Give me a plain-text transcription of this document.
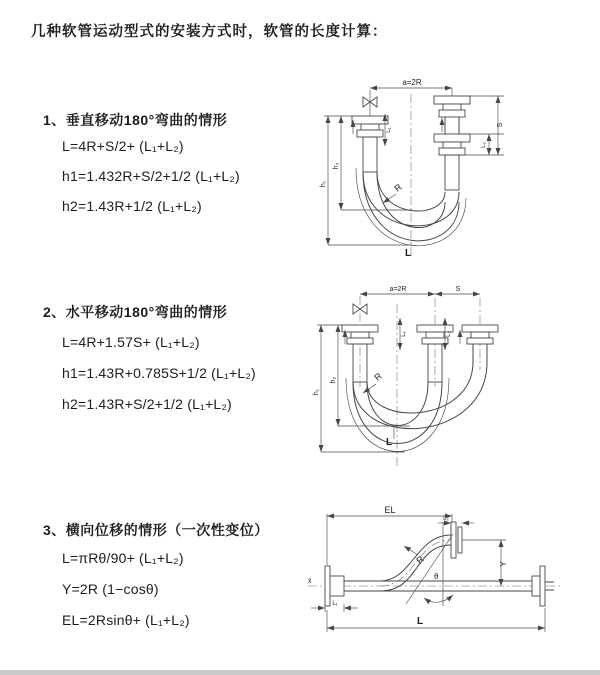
几种软管运动型式的安装方式时，软管的长度计算：
1、垂直移动180°弯曲的情形
L=4R+S/2+ (L₁+L₂)
h1=1.432R+S/2+1/2 (L₁+L₂)
h2=1.43R+1/2 (L₁+L₂)
2、水平移动180°弯曲的情形
L=4R+1.57S+ (L₁+L₂)
h1=1.43R+0.785S+1/2 (L₁+L₂)
h2=1.43R+S/2+1/2 (L₁+L₂)
3、横向位移的情形（一次性变位）
L=πRθ/90+ (L₁+L₂)
Y=2R (1−cosθ)
EL=2Rsinθ+ (L₁+L₂)
a=2R
h₂
h₁
L₁
S
L₂
R
L
a=2R	S
h₂
h₁
L₁	L₂
R
L
x̄
EL
L₂
Y
θ
R
L₁
L
